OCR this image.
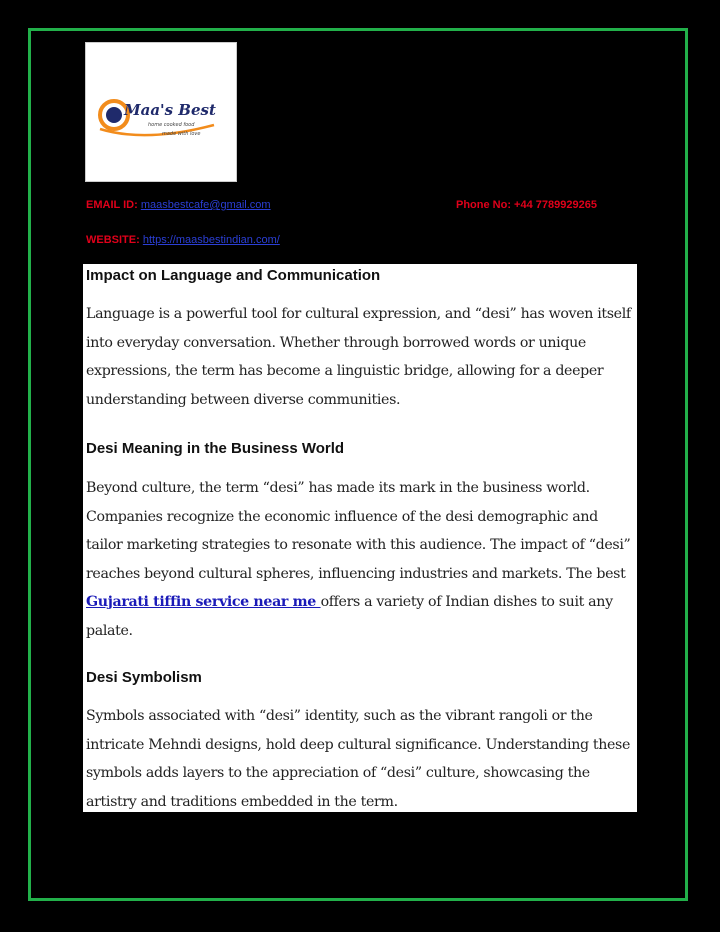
Maa's Best
home cooked food
made with love
EMAIL ID: maasbestcafe@gmail.com	Phone No: +44 7789929265
WEBSITE: https://maasbestindian.com/
Impact on Language and Communication

Language is a powerful tool for cultural expression, and “desi” has woven itself into everyday conversation. Whether through borrowed words or unique expressions, the term has become a linguistic bridge, allowing for a deeper understanding between diverse communities.

Desi Meaning in the Business World

Beyond culture, the term “desi” has made its mark in the business world. Companies recognize the economic influence of the desi demographic and tailor marketing strategies to resonate with this audience. The impact of “desi” reaches beyond cultural spheres, influencing industries and markets. The best Gujarati tiffin service near me offers a variety of Indian dishes to suit any palate.

Desi Symbolism

Symbols associated with “desi” identity, such as the vibrant rangoli or the intricate Mehndi designs, hold deep cultural significance. Understanding these symbols adds layers to the appreciation of “desi” culture, showcasing the artistry and traditions embedded in the term.
